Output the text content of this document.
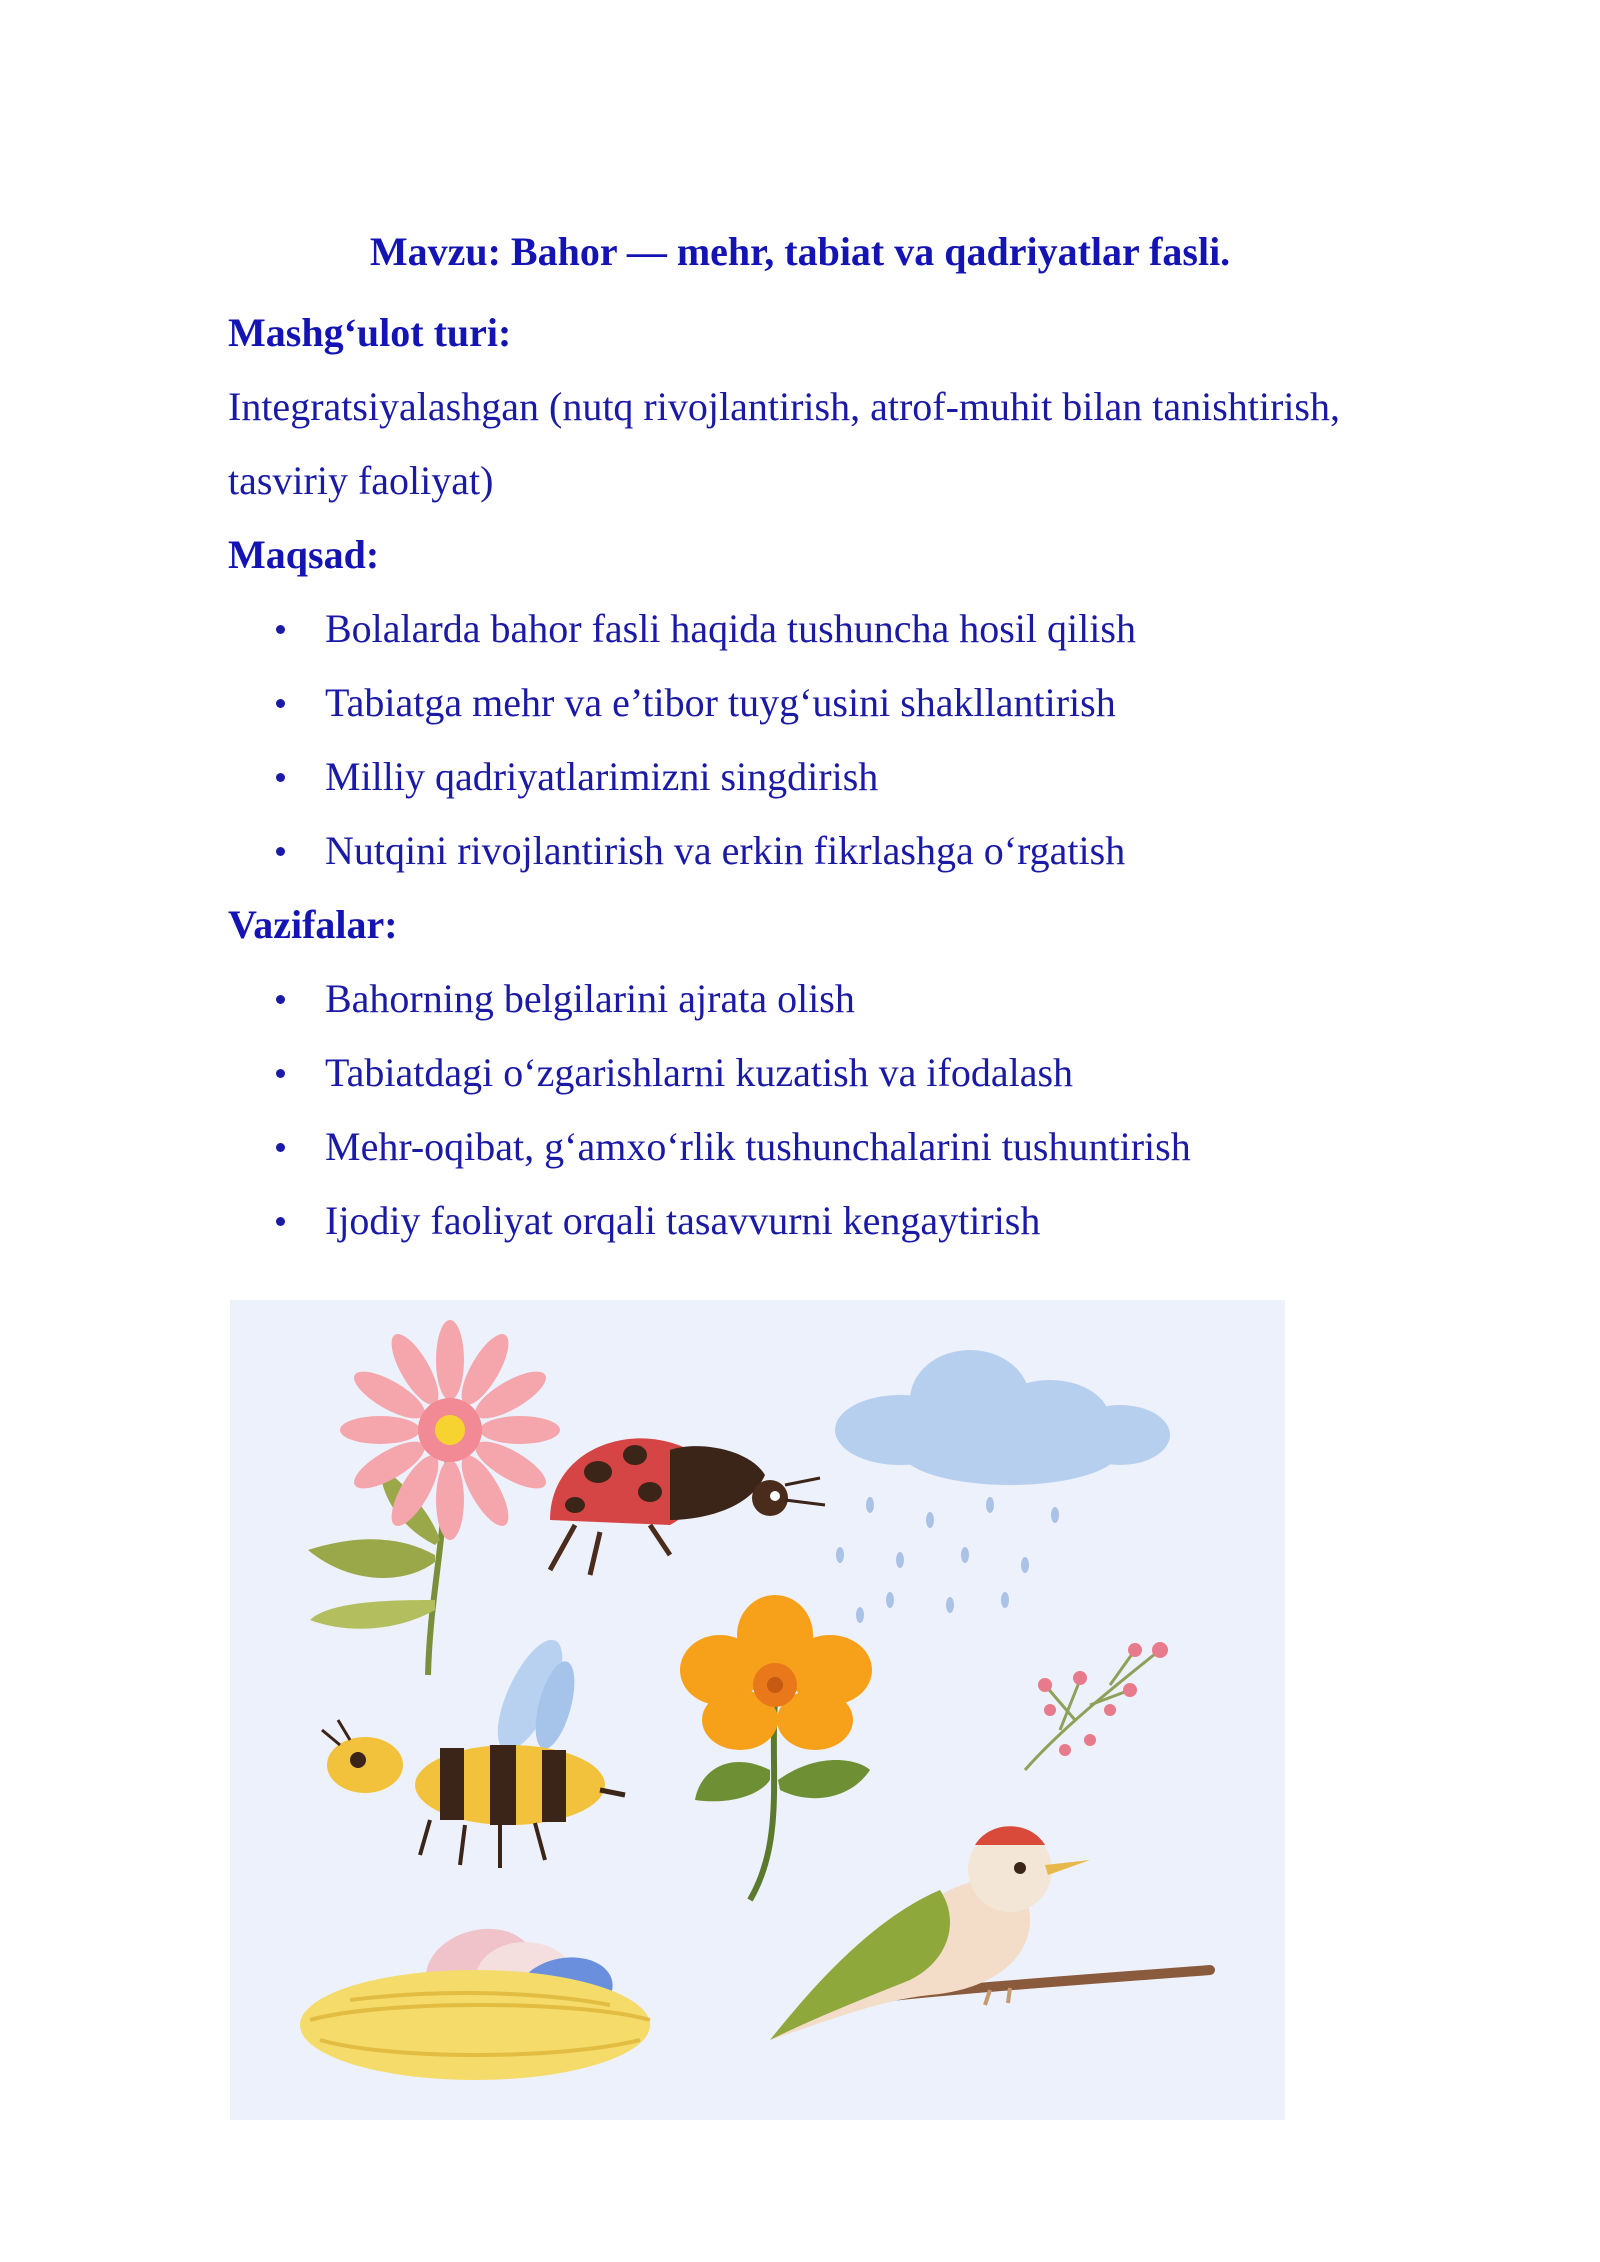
Mavzu: Bahor — mehr, tabiat va qadriyatlar fasli.

Mashg‘ulot turi:

Integratsiyalashgan (nutq rivojlantirish, atrof-muhit bilan tanishtirish,

tasviriy faoliyat)

Maqsad:

Bolalarda bahor fasli haqida tushuncha hosil qilish
Tabiatga mehr va e’tibor tuyg‘usini shakllantirish
Milliy qadriyatlarimizni singdirish
Nutqini rivojlantirish va erkin fikrlashga o‘rgatish

Vazifalar:

Bahorning belgilarini ajrata olish
Tabiatdagi o‘zgarishlarni kuzatish va ifodalash
Mehr-oqibat, g‘amxo‘rlik tushunchalarini tushuntirish
Ijodiy faoliyat orqali tasavvurni kengaytirish
